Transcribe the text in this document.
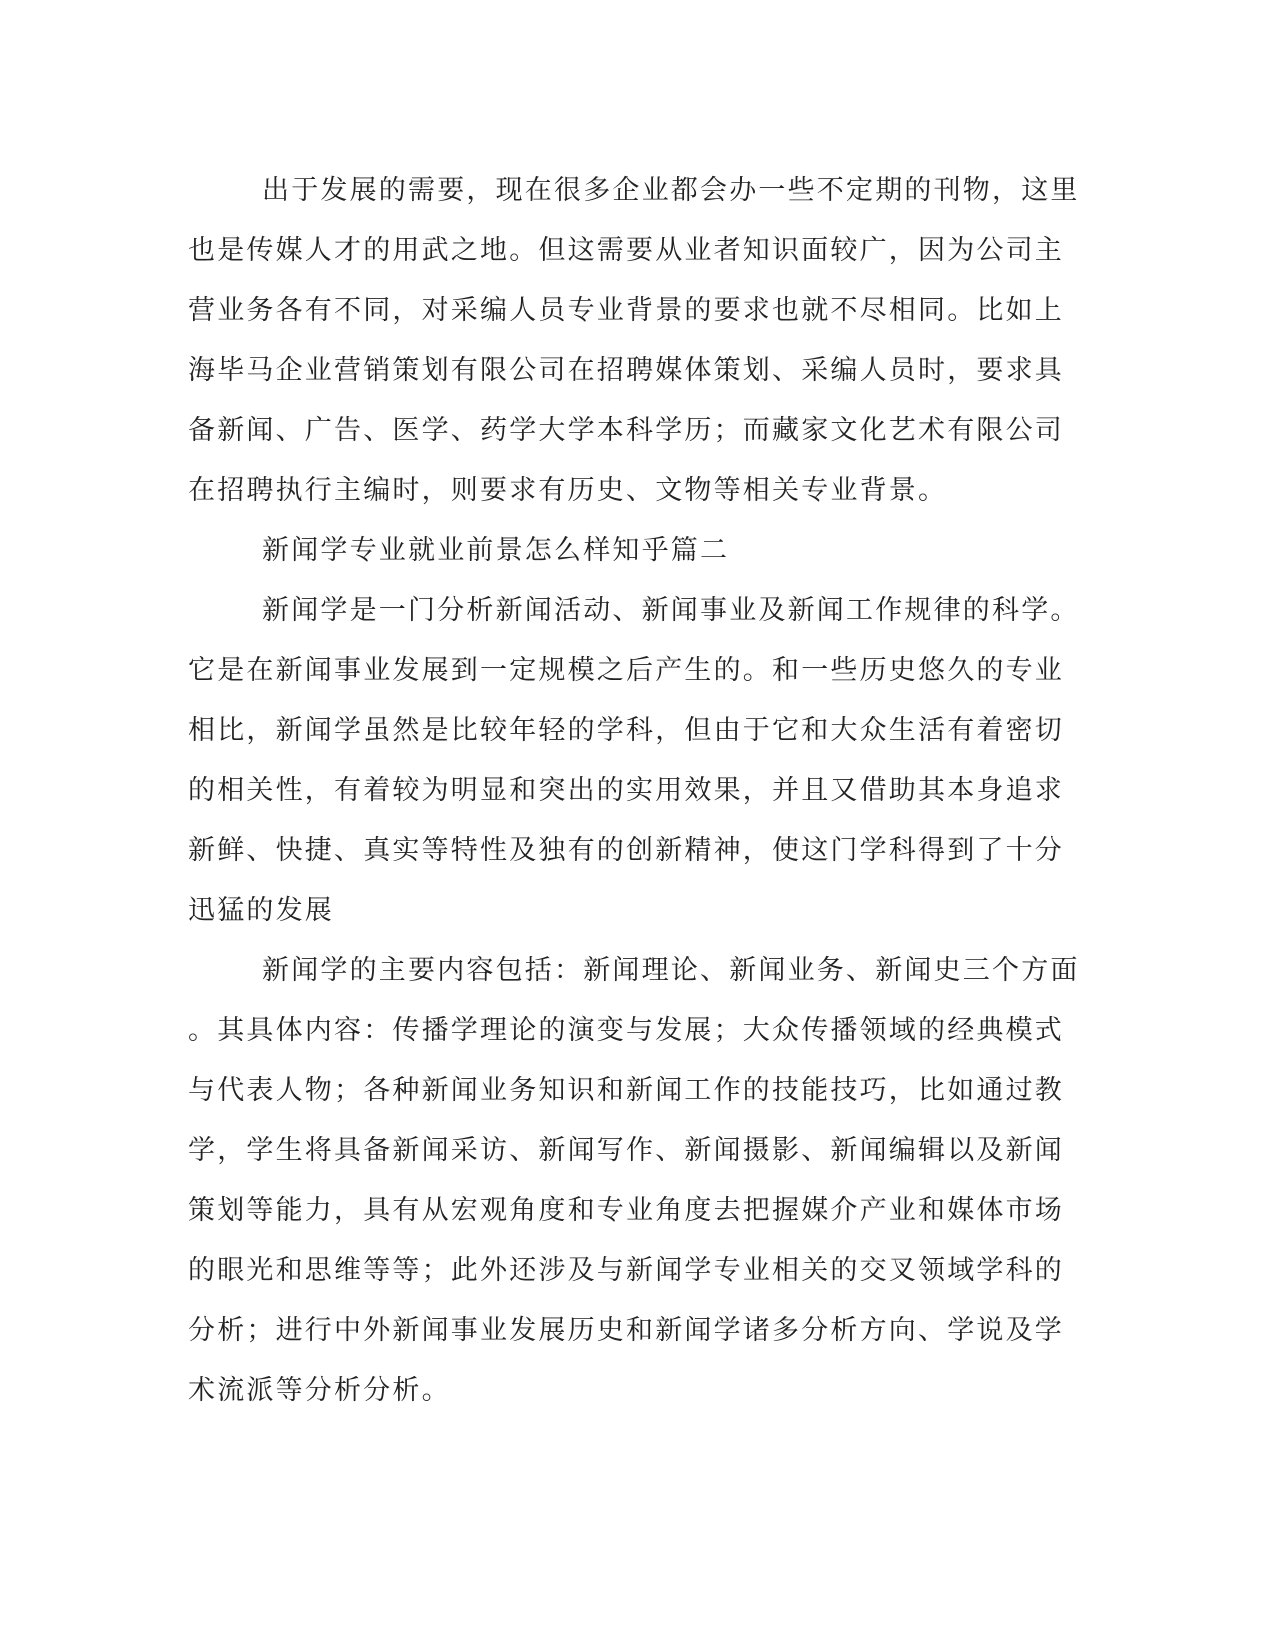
出于发展的需要，现在很多企业都会办一些不定期的刊物，这里
也是传媒人才的用武之地。但这需要从业者知识面较广，因为公司主
营业务各有不同，对采编人员专业背景的要求也就不尽相同。比如上
海毕马企业营销策划有限公司在招聘媒体策划、采编人员时，要求具
备新闻、广告、医学、药学大学本科学历；而藏家文化艺术有限公司
在招聘执行主编时，则要求有历史、文物等相关专业背景。
新闻学专业就业前景怎么样知乎篇二
新闻学是一门分析新闻活动、新闻事业及新闻工作规律的科学。
它是在新闻事业发展到一定规模之后产生的。和一些历史悠久的专业
相比，新闻学虽然是比较年轻的学科，但由于它和大众生活有着密切
的相关性，有着较为明显和突出的实用效果，并且又借助其本身追求
新鲜、快捷、真实等特性及独有的创新精神，使这门学科得到了十分
迅猛的发展
新闻学的主要内容包括：新闻理论、新闻业务、新闻史三个方面
。其具体内容：传播学理论的演变与发展；大众传播领域的经典模式
与代表人物；各种新闻业务知识和新闻工作的技能技巧，比如通过教
学，学生将具备新闻采访、新闻写作、新闻摄影、新闻编辑以及新闻
策划等能力，具有从宏观角度和专业角度去把握媒介产业和媒体市场
的眼光和思维等等；此外还涉及与新闻学专业相关的交叉领域学科的
分析；进行中外新闻事业发展历史和新闻学诸多分析方向、学说及学
术流派等分析分析。
